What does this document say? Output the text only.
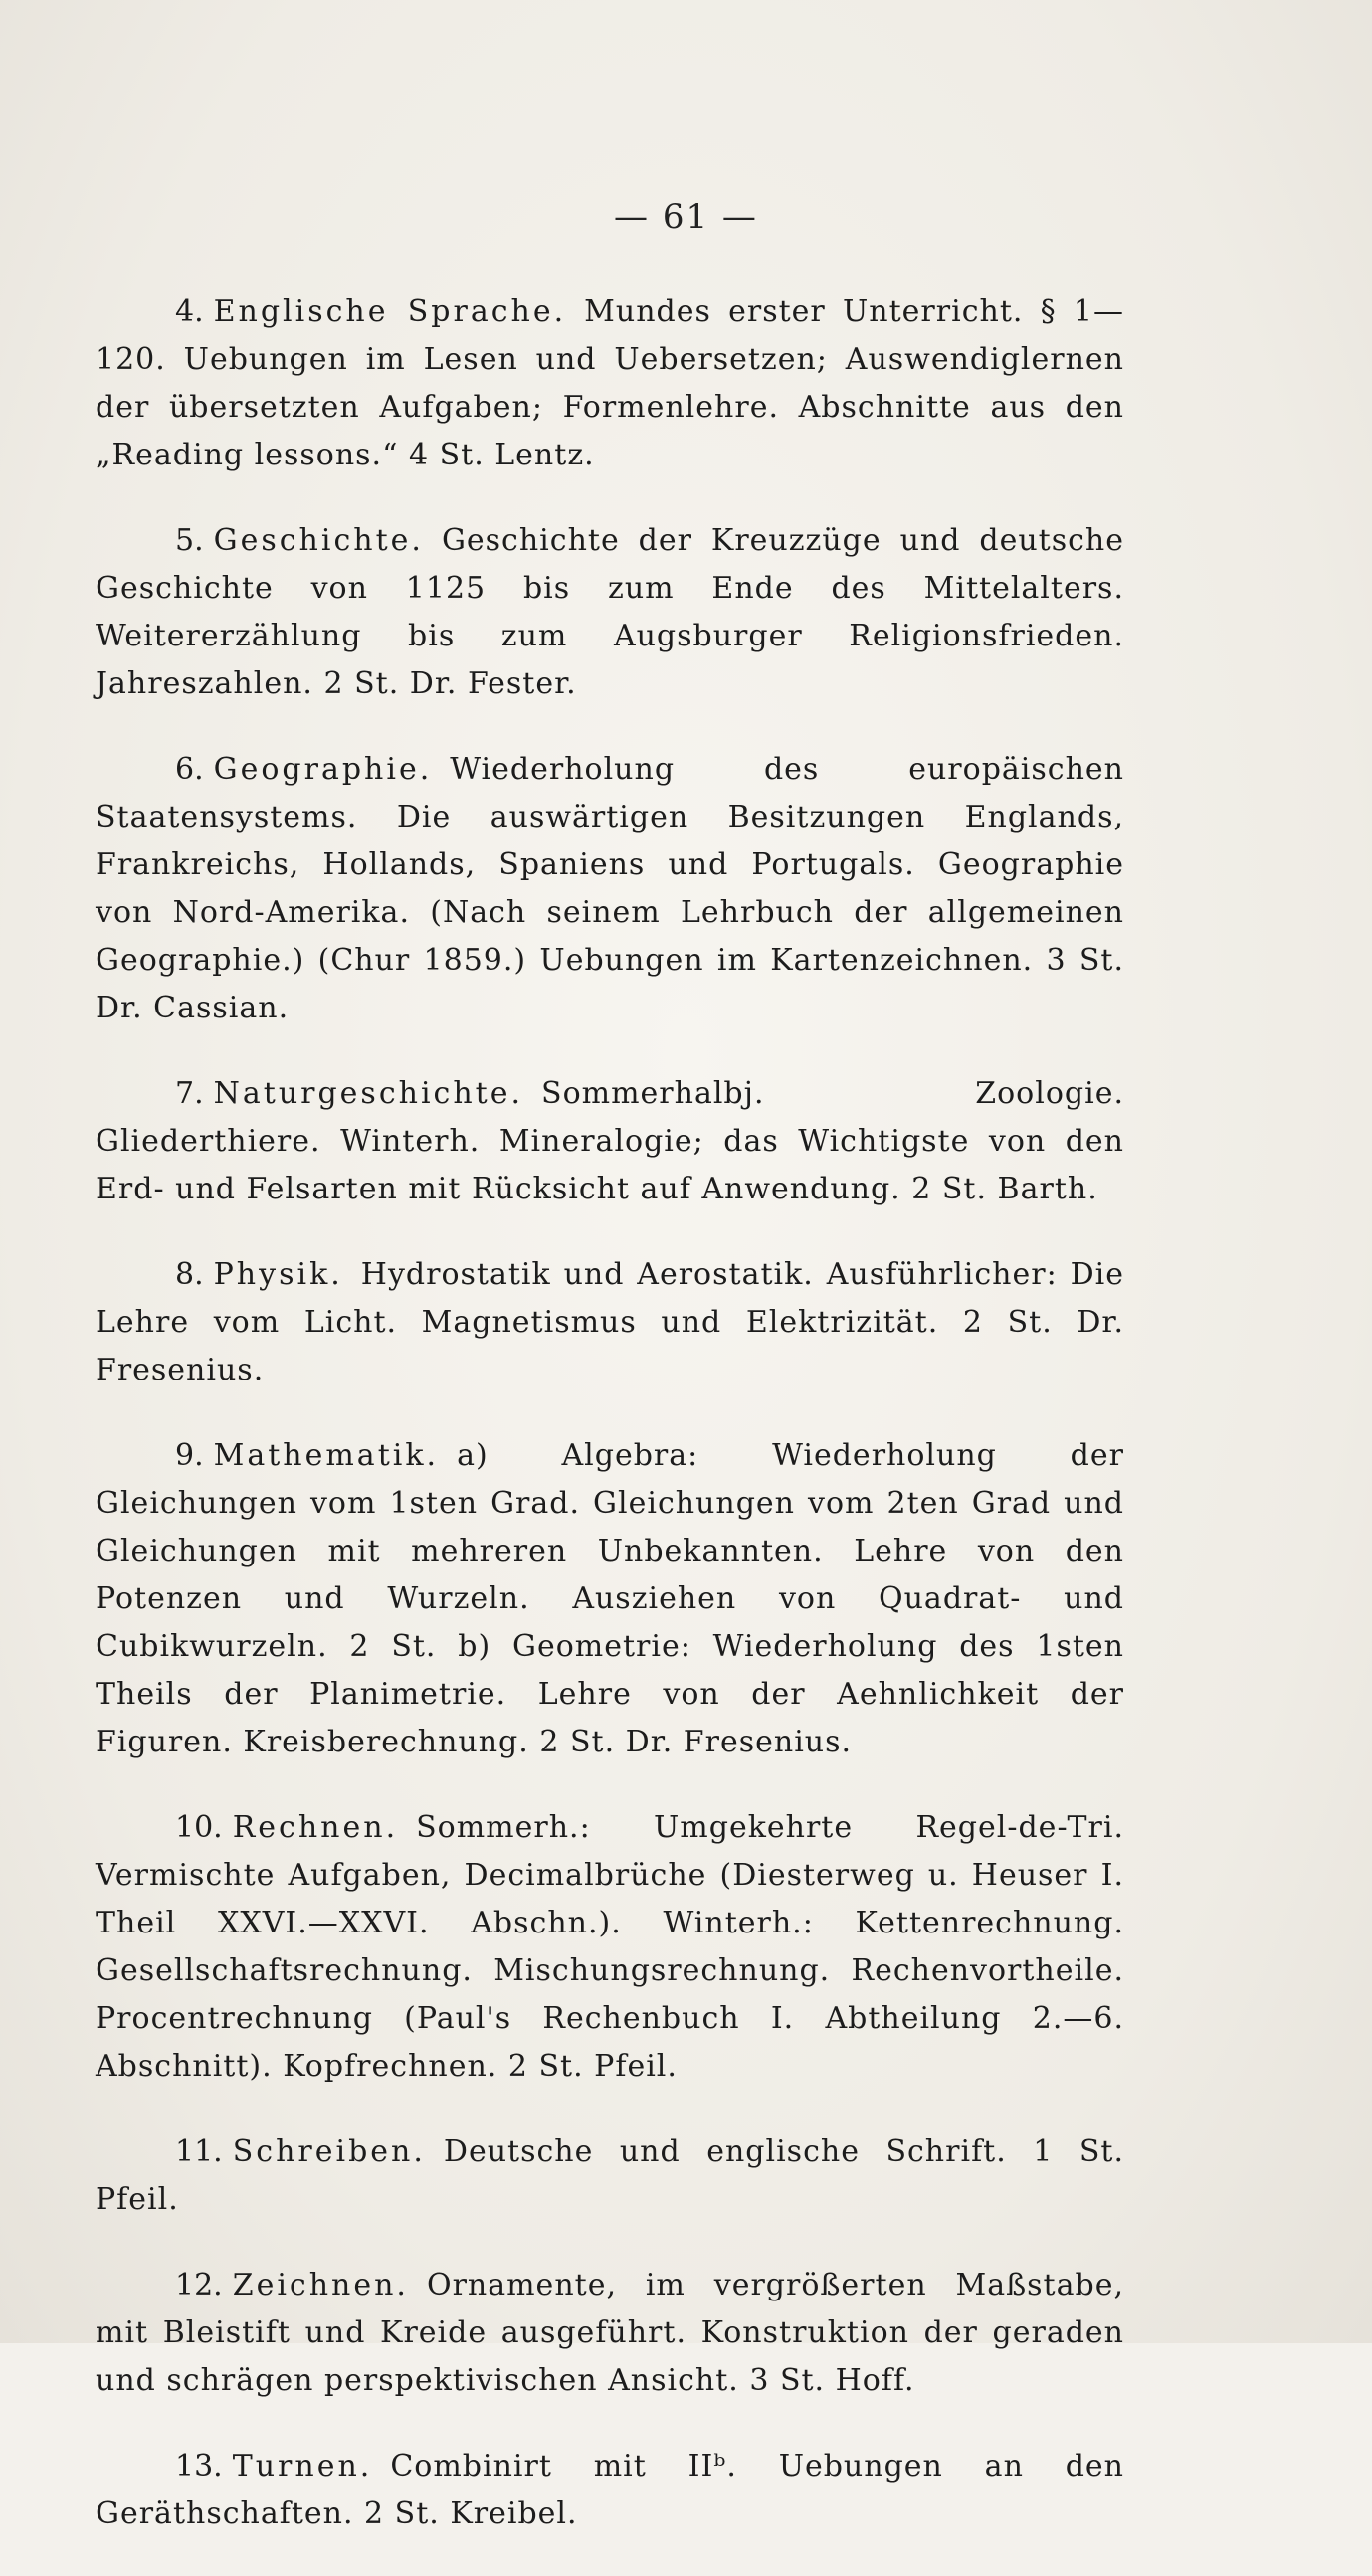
— 61 —

4. Englische Sprache. Mundes erster Unterricht. § 1—120. Uebungen im Lesen und Uebersetzen; Auswendiglernen der übersetzten Aufgaben; Formenlehre. Abschnitte aus den „Reading lessons.“ 4 St. Lentz.

5. Geschichte. Geschichte der Kreuzzüge und deutsche Geschichte von 1125 bis zum Ende des Mittelalters. Weitererzählung bis zum Augsburger Religionsfrieden. Jahreszahlen. 2 St. Dr. Fester.

6. Geographie. Wiederholung des europäischen Staatensystems. Die auswärtigen Besitzungen Englands, Frankreichs, Hollands, Spaniens und Portugals. Geographie von Nord-Amerika. (Nach seinem Lehrbuch der allgemeinen Geographie.) (Chur 1859.) Uebungen im Kartenzeichnen. 3 St. Dr. Cassian.

7. Naturgeschichte. Sommerhalbj. Zoologie. Gliederthiere. Winterh. Mineralogie; das Wichtigste von den Erd- und Felsarten mit Rücksicht auf Anwendung. 2 St. Barth.

8. Physik. Hydrostatik und Aerostatik. Ausführlicher: Die Lehre vom Licht. Magnetismus und Elektrizität. 2 St. Dr. Fresenius.

9. Mathematik. a) Algebra: Wiederholung der Gleichungen vom 1sten Grad. Gleichungen vom 2ten Grad und Gleichungen mit mehreren Unbekannten. Lehre von den Potenzen und Wurzeln. Ausziehen von Quadrat- und Cubikwurzeln. 2 St. b) Geometrie: Wiederholung des 1sten Theils der Planimetrie. Lehre von der Aehnlichkeit der Figuren. Kreisberechnung. 2 St. Dr. Fresenius.

10. Rechnen. Sommerh.: Umgekehrte Regel-de-Tri. Vermischte Aufgaben, Decimalbrüche (Diesterweg u. Heuser I. Theil XXVI.—XXVI. Abschn.). Winterh.: Kettenrechnung. Gesellschaftsrechnung. Mischungsrechnung. Rechenvortheile. Procentrechnung (Paul's Rechenbuch I. Abtheilung 2.—6. Abschnitt). Kopfrechnen. 2 St. Pfeil.

11. Schreiben. Deutsche und englische Schrift. 1 St. Pfeil.

12. Zeichnen. Ornamente, im vergrößerten Maßstabe, mit Bleistift und Kreide ausgeführt. Konstruktion der geraden und schrägen perspektivischen Ansicht. 3 St. Hoff.

13. Turnen. Combinirt mit IIᵇ. Uebungen an den Geräthschaften. 2 St. Kreibel.
